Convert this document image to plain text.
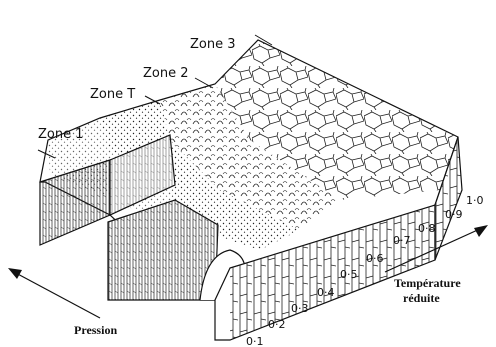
Zone 3
Zone 2
Zone T
Zone 1
0·1
0·2
0·3
0·4
0·5
0·6
0·7
0·8
0·9
1·0
Température
réduite
Pression
